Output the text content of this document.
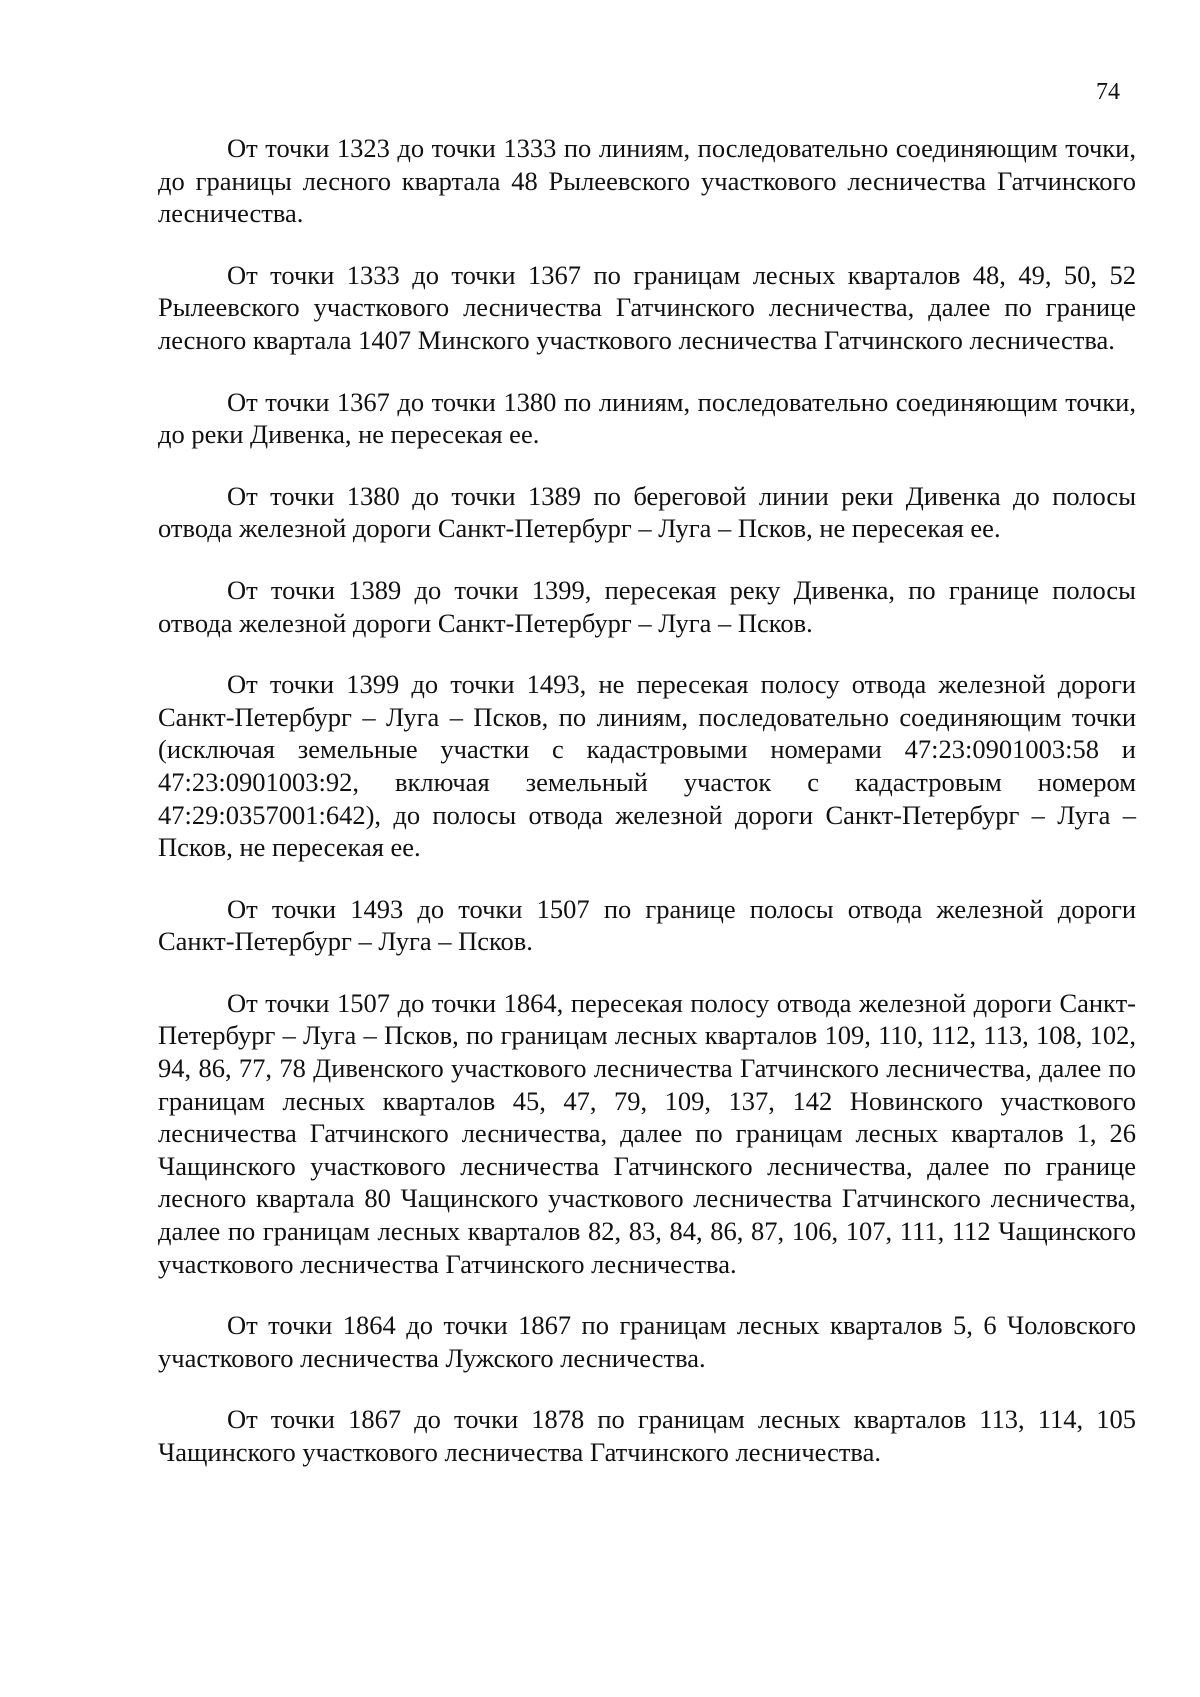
74

От точки 1323 до точки 1333 по линиям, последовательно соединяющим точки, до границы лесного квартала 48 Рылеевского участкового лесничества Гатчинского лесничества.

От точки 1333 до точки 1367 по границам лесных кварталов 48, 49, 50, 52 Рылеевского участкового лесничества Гатчинского лесничества, далее по границе лесного квартала 1407 Минского участкового лесничества Гатчинского лесничества.

От точки 1367 до точки 1380 по линиям, последовательно соединяющим точки, до реки Дивенка, не пересекая ее.

От точки 1380 до точки 1389 по береговой линии реки Дивенка до полосы отвода железной дороги Санкт-Петербург – Луга – Псков, не пересекая ее.

От точки 1389 до точки 1399, пересекая реку Дивенка, по границе полосы отвода железной дороги Санкт-Петербург – Луга – Псков.

От точки 1399 до точки 1493, не пересекая полосу отвода железной дороги Санкт-Петербург – Луга – Псков, по линиям, последовательно соединяющим точки (исключая земельные участки с кадастровыми номерами 47:23:0901003:58 и 47:23:0901003:92, включая земельный участок с кадастровым номером 47:29:0357001:642), до полосы отвода железной дороги Санкт-Петербург – Луга – Псков, не пересекая ее.

От точки 1493 до точки 1507 по границе полосы отвода железной дороги Санкт-Петербург – Луга – Псков.

От точки 1507 до точки 1864, пересекая полосу отвода железной дороги Санкт-Петербург – Луга – Псков, по границам лесных кварталов 109, 110, 112, 113, 108, 102, 94, 86, 77, 78 Дивенского участкового лесничества Гатчинского лесничества, далее по границам лесных кварталов 45, 47, 79, 109, 137, 142 Новинского участкового лесничества Гатчинского лесничества, далее по границам лесных кварталов 1, 26 Чащинского участкового лесничества Гатчинского лесничества, далее по границе лесного квартала 80 Чащинского участкового лесничества Гатчинского лесничества, далее по границам лесных кварталов 82, 83, 84, 86, 87, 106, 107, 111, 112 Чащинского участкового лесничества Гатчинского лесничества.

От точки 1864 до точки 1867 по границам лесных кварталов 5, 6 Чоловского участкового лесничества Лужского лесничества.

От точки 1867 до точки 1878 по границам лесных кварталов 113, 114, 105 Чащинского участкового лесничества Гатчинского лесничества.
